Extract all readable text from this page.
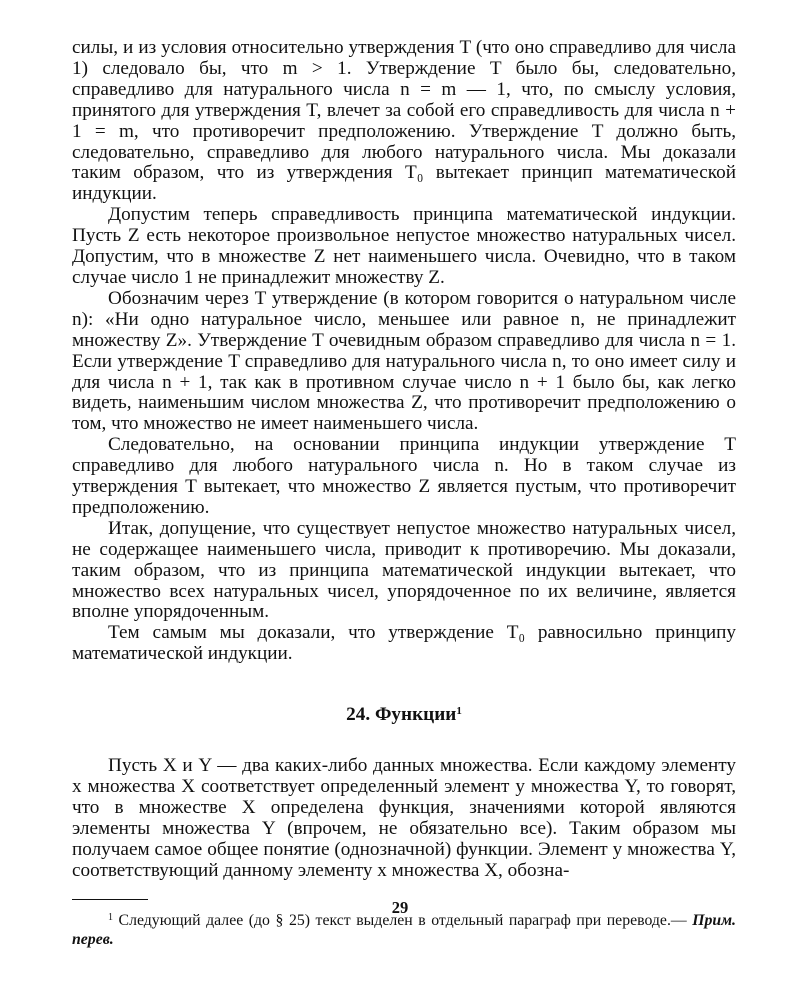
силы, и из условия относительно утверждения T (что оно справедливо для числа 1) следовало бы, что m > 1. Утверждение T было бы, следовательно, справедливо для натурального числа n = m — 1, что, по смыслу условия, принятого для утверждения T, влечет за собой его справедливость для числа n + 1 = m, что противоречит предположению. Утверждение T должно быть, следовательно, справедливо для любого натурального числа. Мы доказали таким образом, что из утверждения T₀ вытекает принцип математической индукции.

Допустим теперь справедливость принципа математической индукции. Пусть Z есть некоторое произвольное непустое множество натуральных чисел. Допустим, что в множестве Z нет наименьшего числа. Очевидно, что в таком случае число 1 не принадлежит множеству Z.

Обозначим через T утверждение (в котором говорится о натуральном числе n): «Ни одно натуральное число, меньшее или равное n, не принадлежит множеству Z». Утверждение T очевидным образом справедливо для числа n = 1. Если утверждение T справедливо для натурального числа n, то оно имеет силу и для числа n + 1, так как в противном случае число n + 1 было бы, как легко видеть, наименьшим числом множества Z, что противоречит предположению о том, что множество не имеет наименьшего числа.

Следовательно, на основании принципа индукции утверждение T справедливо для любого натурального числа n. Но в таком случае из утверждения T вытекает, что множество Z является пустым, что противоречит предположению.

Итак, допущение, что существует непустое множество натуральных чисел, не содержащее наименьшего числа, приводит к противоречию. Мы доказали, таким образом, что из принципа математической индукции вытекает, что множество всех натуральных чисел, упорядоченное по их величине, является вполне упорядоченным.

Тем самым мы доказали, что утверждение T₀ равносильно принципу математической индукции.

24. Функции$^1$

Пусть X и Y — два каких-либо данных множества. Если каждому элементу x множества X соответствует определенный элемент y множества Y, то говорят, что в множестве X определена функция, значениями которой являются элементы множества Y (впрочем, не обязательно все). Таким образом мы получаем самое общее понятие (однозначной) функции. Элемент y множества Y, соответствующий данному элементу x множества X, обозна-

$^1$ Следующий далее (до § 25) текст выделен в отдельный параграф при переводе.— Прим. перев.

29
